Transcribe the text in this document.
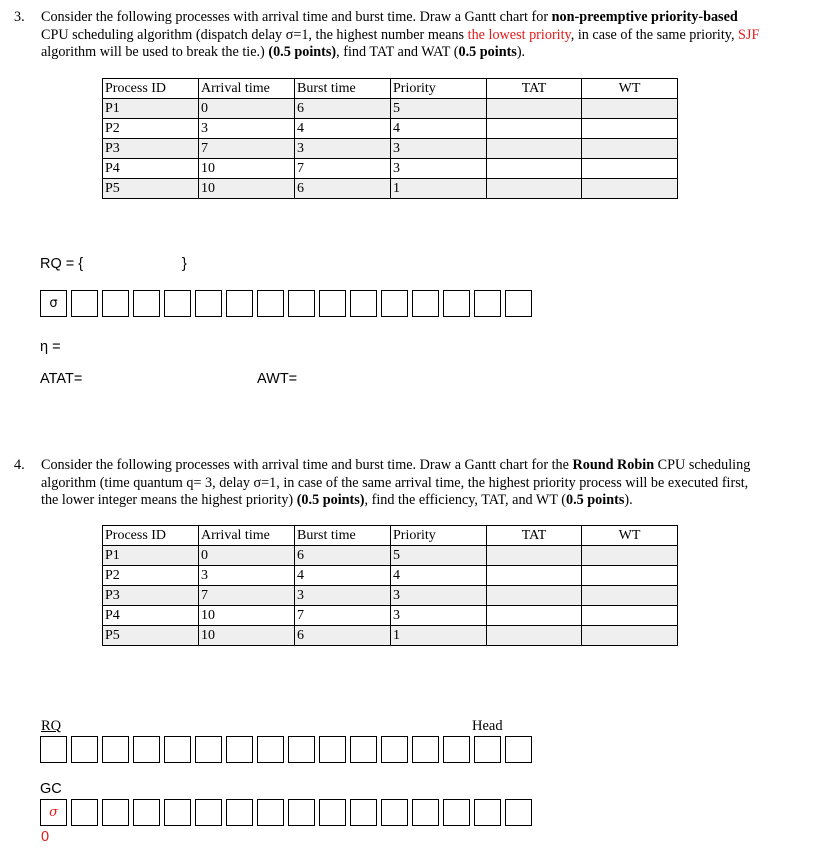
3. Consider the following processes with arrival time and burst time. Draw a Gantt chart for non-preemptive priority-based
CPU scheduling algorithm (dispatch delay σ=1, the highest number means the lowest priority, in case of the same priority, SJF
algorithm will be used to break the tie.) (0.5 points), find TAT and WAT (0.5 points).
Process ID	Arrival time	Burst time	Priority	TAT	WT
P1	0	6	5		
P2	3	4	4		
P3	7	3	3		
P4	10	7	3		
P5	10	6	1		
RQ = {	}
σ
η =
ATAT=	AWT=
4. Consider the following processes with arrival time and burst time. Draw a Gantt chart for the Round Robin CPU scheduling
algorithm (time quantum q= 3, delay σ=1, in case of the same arrival time, the highest priority process will be executed first,
the lower integer means the highest priority) (0.5 points), find the efficiency, TAT, and WT (0.5 points).
Process ID	Arrival time	Burst time	Priority	TAT	WT
P1	0	6	5		
P2	3	4	4		
P3	7	3	3		
P4	10	7	3		
P5	10	6	1		
RQ	Head
GC
σ
0
